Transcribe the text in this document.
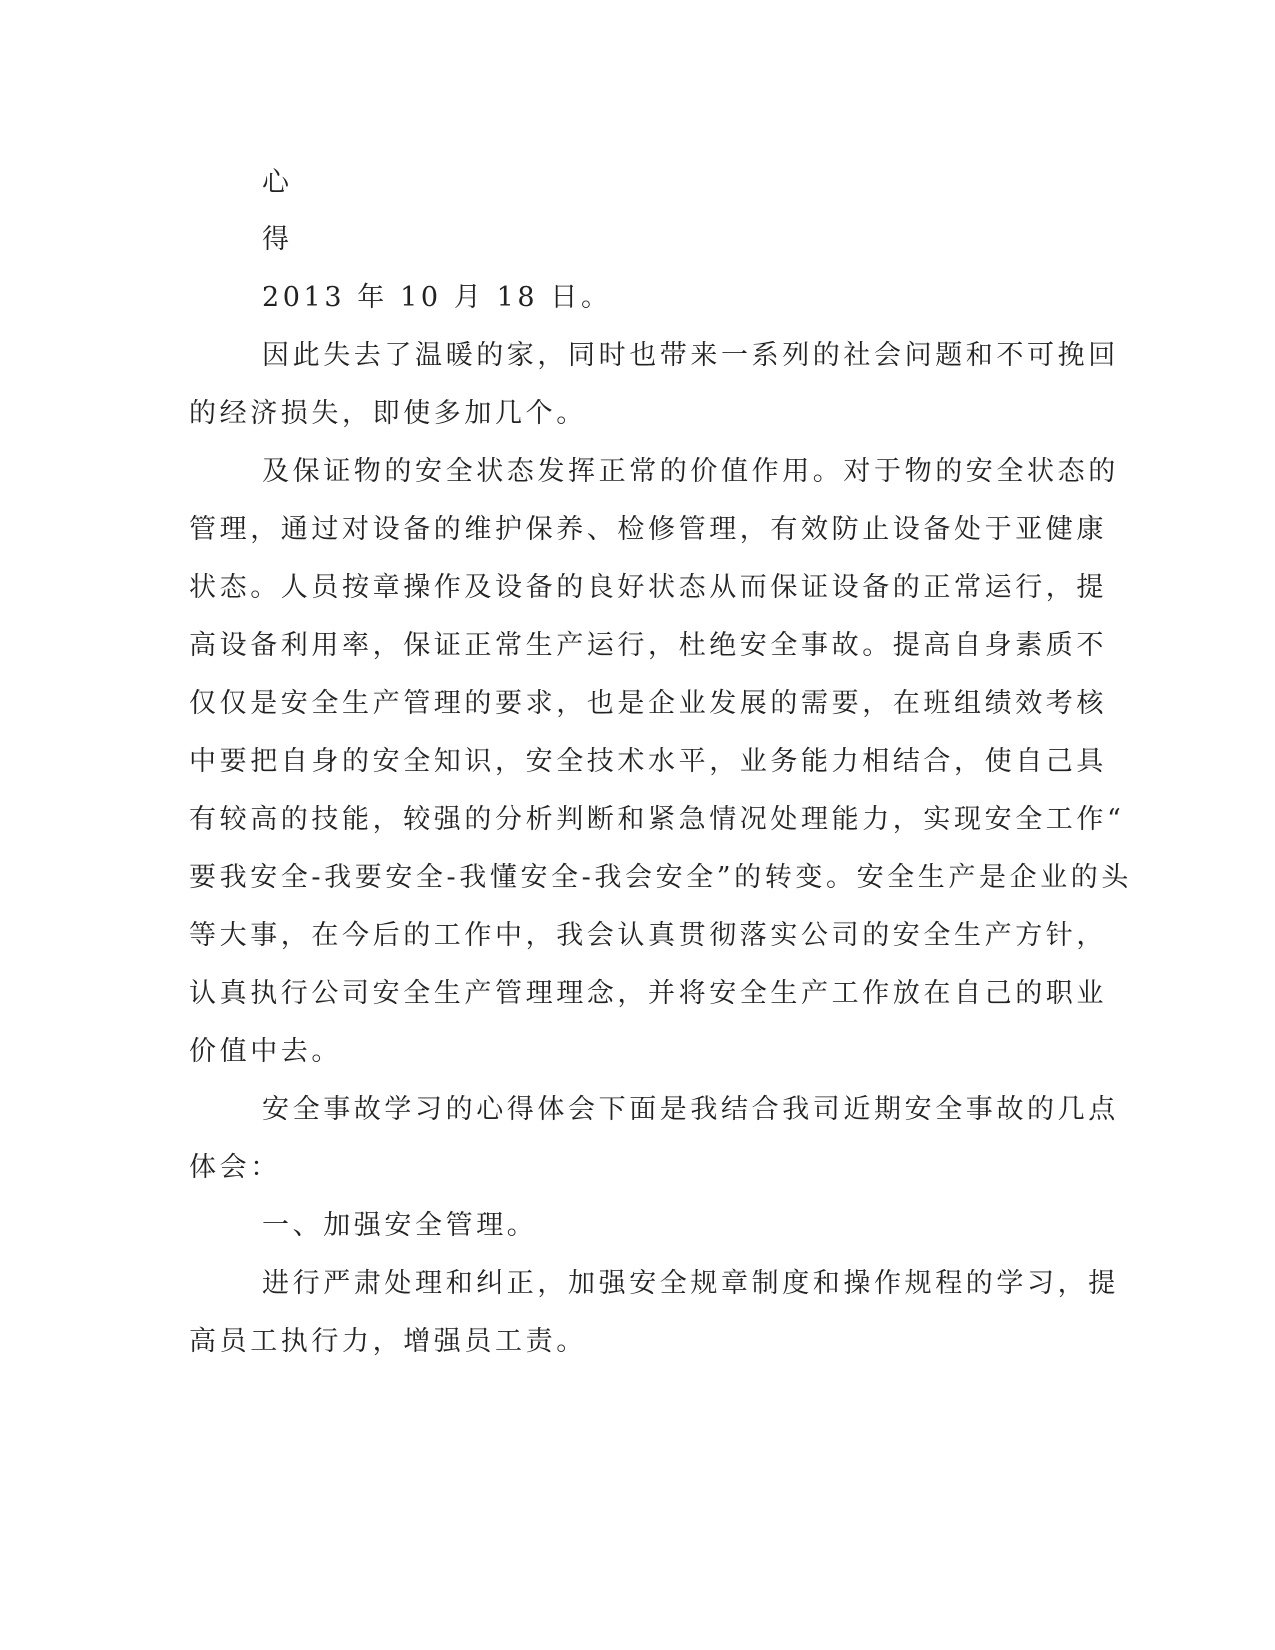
心
得
2013 年 10 月 18 日。
因此失去了温暖的家，同时也带来一系列的社会问题和不可挽回
的经济损失，即使多加几个。
及保证物的安全状态发挥正常的价值作用。对于物的安全状态的
管理，通过对设备的维护保养、检修管理，有效防止设备处于亚健康
状态。人员按章操作及设备的良好状态从而保证设备的正常运行，提
高设备利用率，保证正常生产运行，杜绝安全事故。提高自身素质不
仅仅是安全生产管理的要求，也是企业发展的需要，在班组绩效考核
中要把自身的安全知识，安全技术水平，业务能力相结合，使自己具
有较高的技能，较强的分析判断和紧急情况处理能力，实现安全工作“
要我安全-我要安全-我懂安全-我会安全”的转变。安全生产是企业的头
等大事，在今后的工作中，我会认真贯彻落实公司的安全生产方针，
认真执行公司安全生产管理理念，并将安全生产工作放在自己的职业
价值中去。
安全事故学习的心得体会下面是我结合我司近期安全事故的几点
体会：
一、加强安全管理。
进行严肃处理和纠正，加强安全规章制度和操作规程的学习，提
高员工执行力，增强员工责。
